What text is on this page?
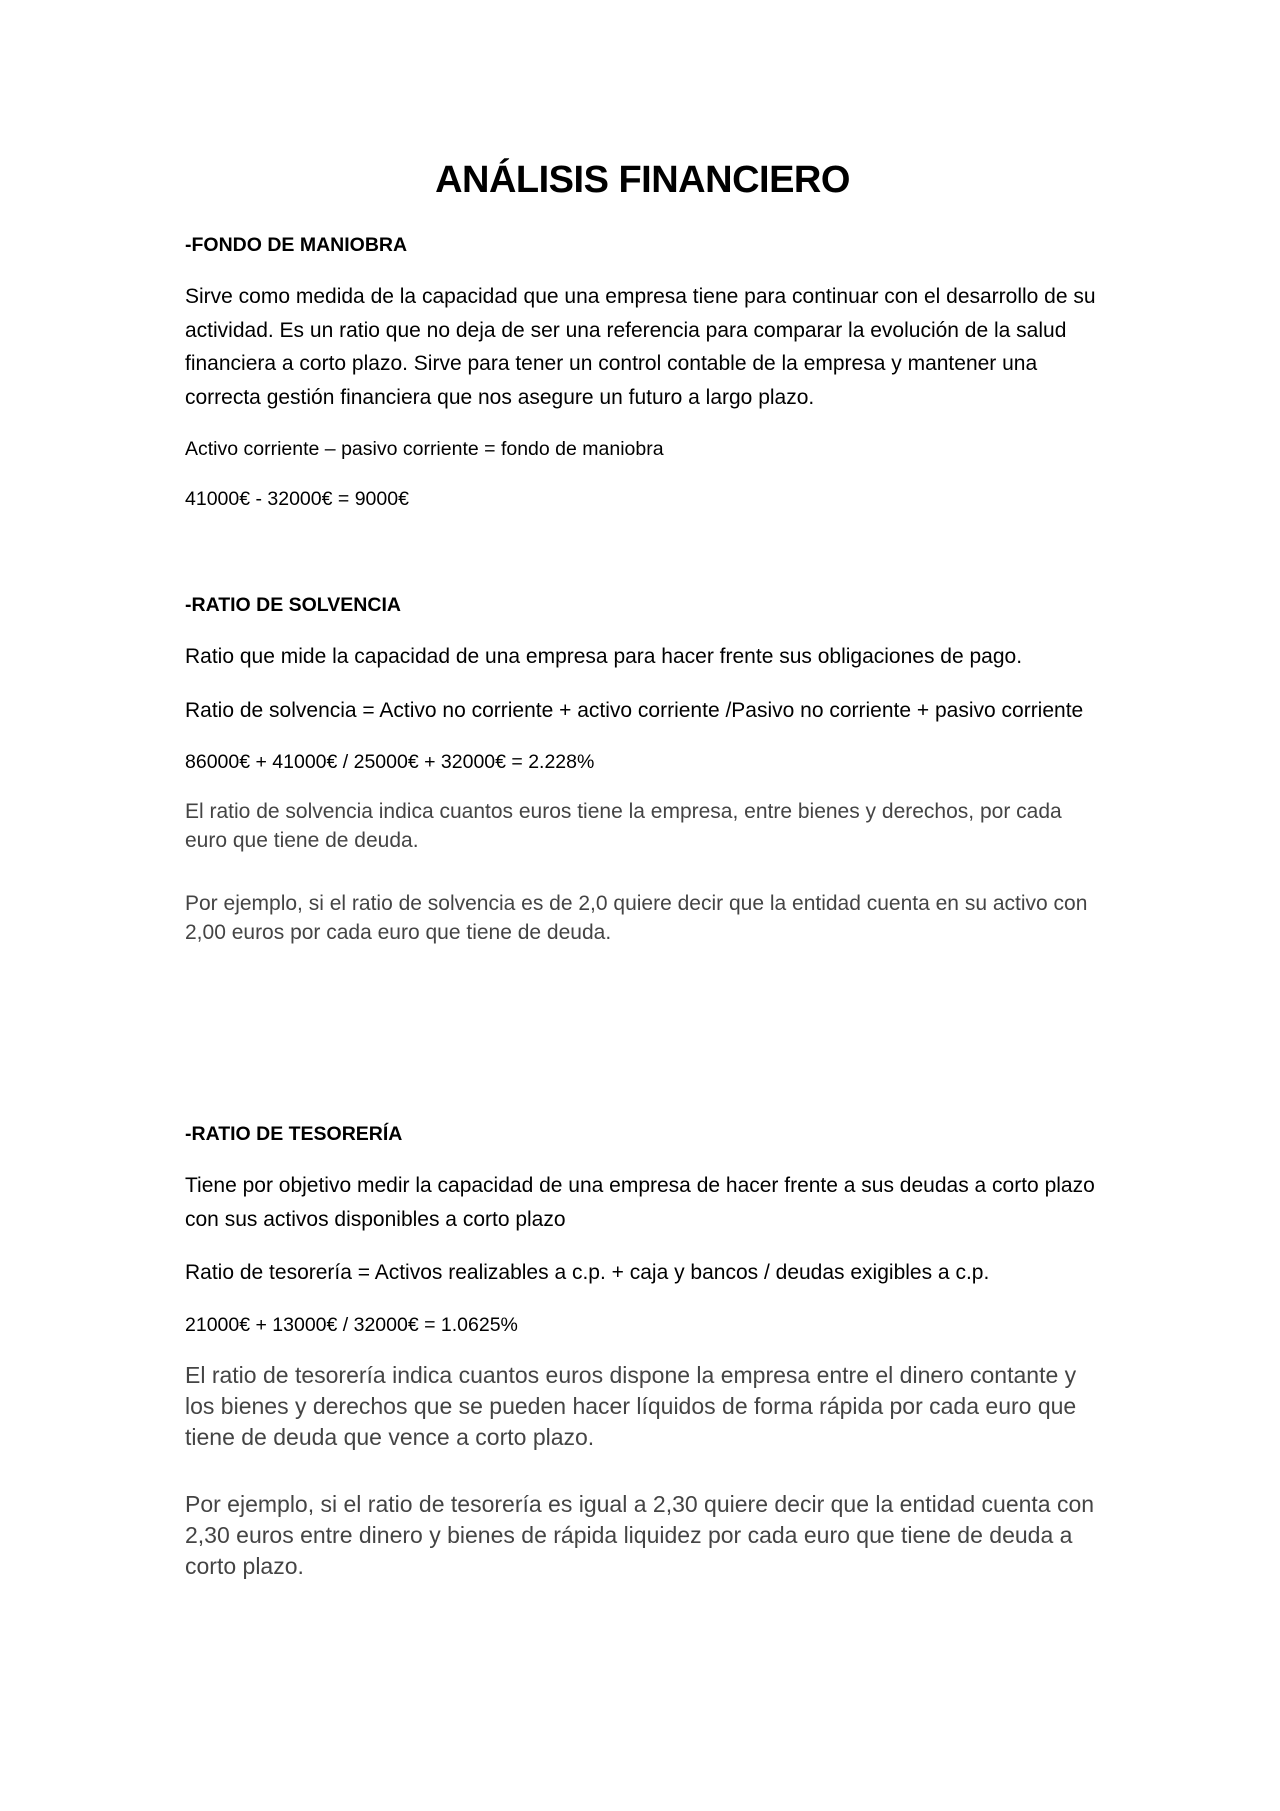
ANÁLISIS FINANCIERO
-FONDO DE MANIOBRA

Sirve como medida de la capacidad que una empresa tiene para continuar con el desarrollo de su actividad. Es un ratio que no deja de ser una referencia para comparar la evolución de la salud financiera a corto plazo. Sirve para tener un control contable de la empresa y mantener una correcta gestión financiera que nos asegure un futuro a largo plazo.

Activo corriente – pasivo corriente = fondo de maniobra

41000€ - 32000€ = 9000€

-RATIO DE SOLVENCIA

Ratio que mide la capacidad de una empresa para hacer frente sus obligaciones de pago.

Ratio de solvencia = Activo no corriente + activo corriente /Pasivo no corriente + pasivo corriente

86000€ + 41000€ / 25000€ + 32000€ = 2.228%

El ratio de solvencia indica cuantos euros tiene la empresa, entre bienes y derechos, por cada euro que tiene de deuda.

Por ejemplo, si el ratio de solvencia es de 2,0 quiere decir que la entidad cuenta en su activo con 2,00 euros por cada euro que tiene de deuda.

-RATIO DE TESORERÍA

Tiene por objetivo medir la capacidad de una empresa de hacer frente a sus deudas a corto plazo con sus activos disponibles a corto plazo

Ratio de tesorería = Activos realizables a c.p. + caja y bancos / deudas exigibles a c.p.

21000€ + 13000€ / 32000€ = 1.0625%

El ratio de tesorería indica cuantos euros dispone la empresa entre el dinero contante y los bienes y derechos que se pueden hacer líquidos de forma rápida por cada euro que tiene de deuda que vence a corto plazo.

Por ejemplo, si el ratio de tesorería es igual a 2,30 quiere decir que la entidad cuenta con 2,30 euros entre dinero y bienes de rápida liquidez por cada euro que tiene de deuda a corto plazo.
